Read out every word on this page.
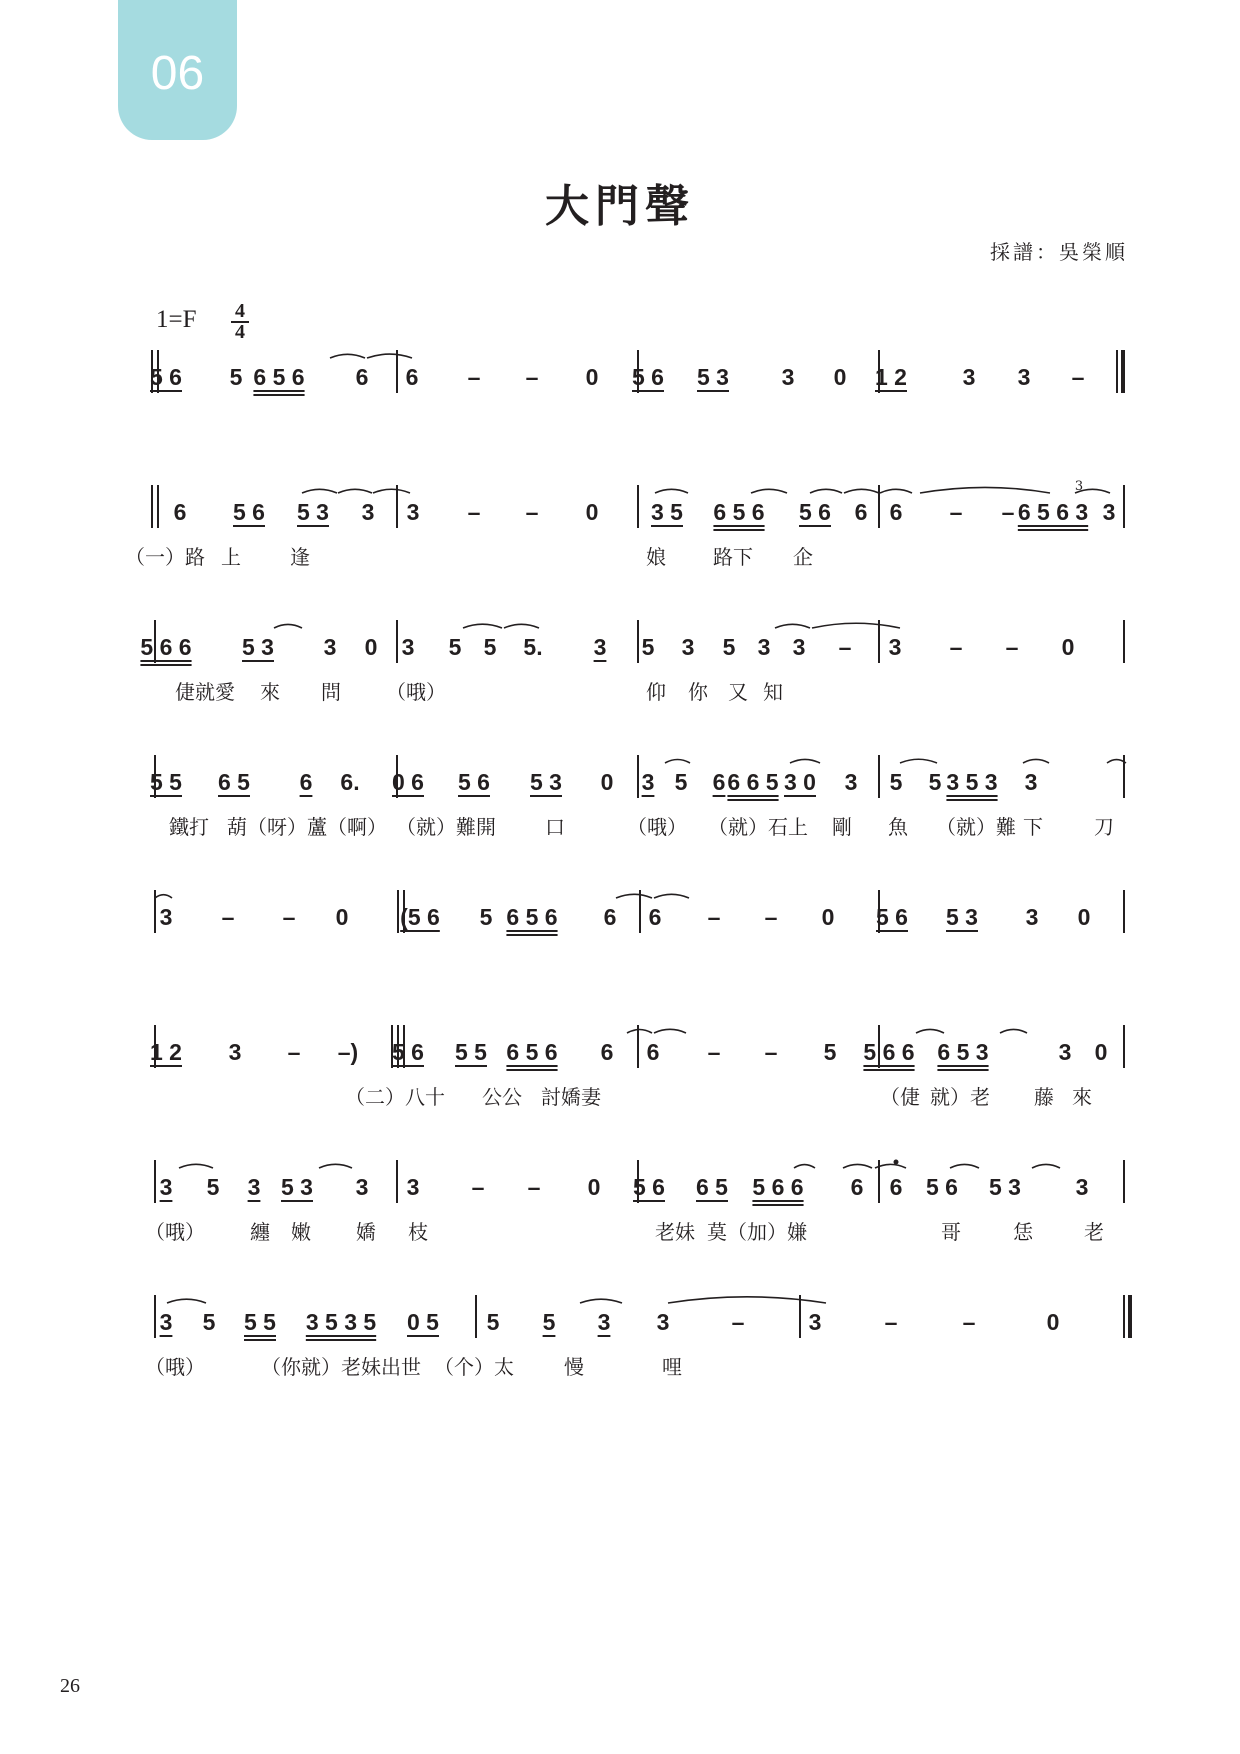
06
大門聲
採譜：吳榮順
1=F	4
4
5 6 5 6 5 6 6 6 – – 0 5 6 5 3 3 0 1 2 3 3 –
6 5 6 5 3 3 3 – – 0 3 5 6 5 6 5 6 6 6 – – 6 5 6 3 3
5 6 6 5 3 3 0 3 5 5 5. 3 5 3 5 3 3 – 3 – – 0
5 5 6 5 6 6. 0 6 5 6 5 3 0 3 5 6 6 6 5 3 0 3 5 5 3 5 3 3
3 – – 0 (5 6 5 6 5 6 6 6 – – 0 5 6 5 3 3 0
1 2 3 – –) 5 6 5 5 6 5 6 6 6 – – 5 5 6 6 6 5 3	3 0
3 5 3 5 3 3 3 – – 0 5 6 6 5 5 6 6 6 6 5 6 5 3 3
3 5 5 5 3 5 3 5 0 5 5 5 3 3	–	3	–	–	0
（一）路 上 逢	娘 路下 企
倢就愛 來 問 （哦）	仰 你 又 知
鐵打 葫（呀）蘆（啊） （就）難開 口	（哦） （就）石上 剛 魚 （就）難 下	刀
（二）八十 公公 討嬌妻	（倢 就）老 藤 來
（哦） 纏 嫩 嬌 枝	老妹 莫（加）嫌	哥	恁	老
（哦）	（你就）老妹出世 （个）太	慢	哩
3
26
